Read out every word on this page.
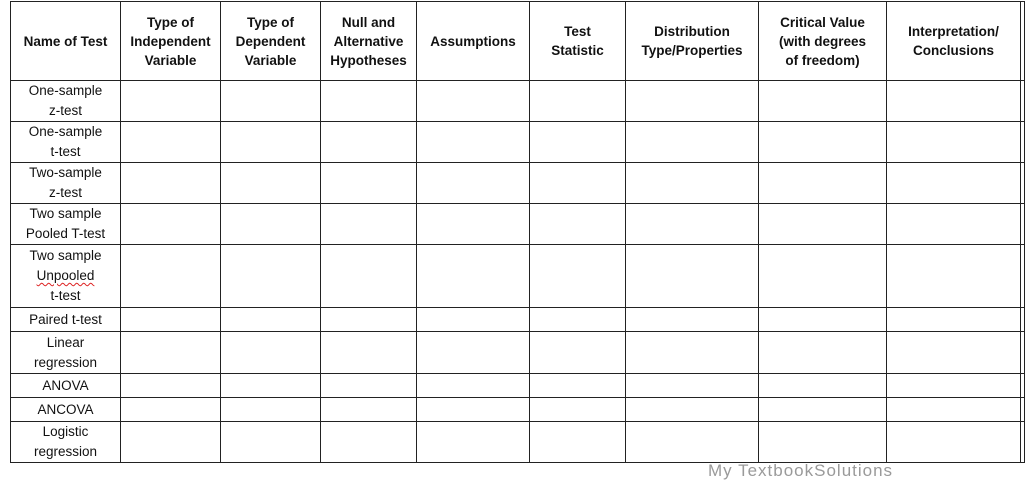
Name of Test	Type of
Independent
Variable	Type of
Dependent
Variable	Null and
Alternative
Hypotheses	Assumptions	Test
Statistic	Distribution
Type/Properties	Critical Value
(with degrees
of freedom)	Interpretation/
Conclusions	

One-sample
z-test									

One-sample
t-test									

Two-sample
z-test									

Two sample
Pooled T-test									

Two sample
Unpooled
t-test									

Paired t-test									

Linear
regression									

ANOVA									

ANCOVA									

Logistic
regression									

My TextbookSolutions
